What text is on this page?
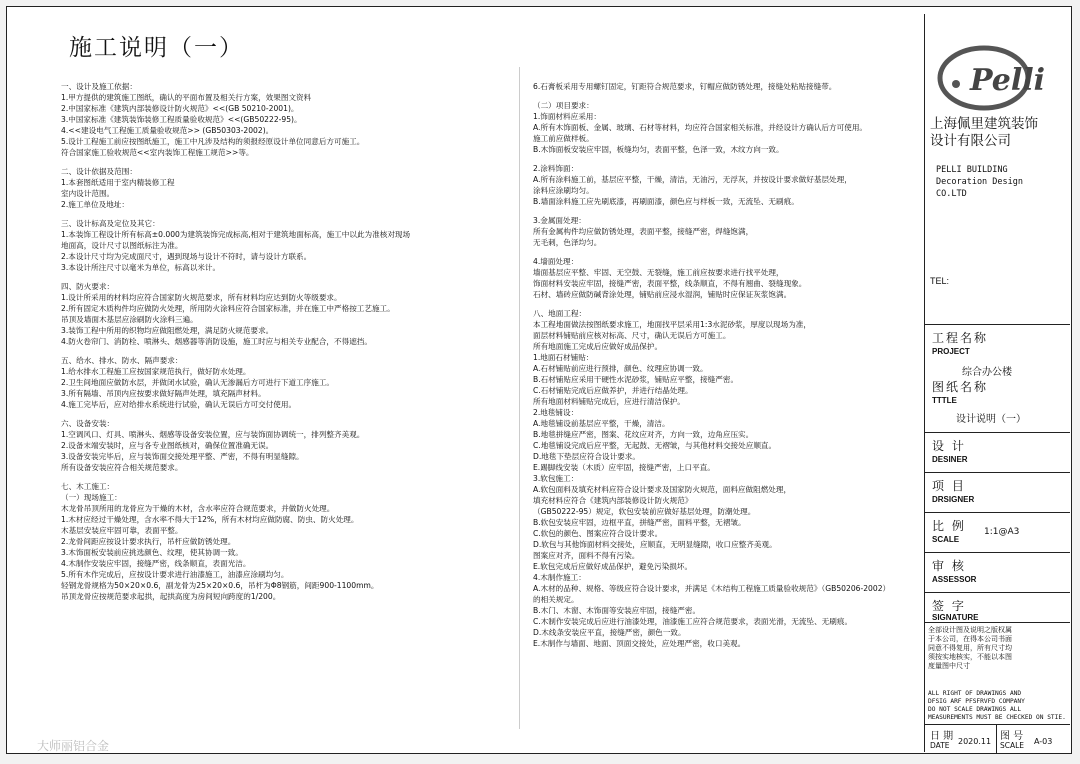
施工说明（一）
一、设计及施工依据：
1.甲方提供的建筑施工图纸，确认的平面布置及相关行方案，效果图文资料
2.中国家标准《建筑内部装修设计防火规范》<<(GB 50210-2001)。
3.中国家标准《建筑装饰装修工程质量验收规范》<<(GB50222-95)。
4.<<建设电气工程施工质量验收规范>> (GB50303-2002)。
5.设计工程施工前应按图纸施工，施工中凡涉及结构的须报经原设计单位同意后方可施工。
符合国家施工验收规范<<室内装饰工程施工规范>>等。
二、设计依据及范围：
1.本套图纸适用于室内精装修工程
室内设计范围。
2.施工单位及地址：
三、设计标高及定位及其它：
1.本装饰工程设计所有标高±0.000为建筑装饰完成标高,相对于建筑地面标高，施工中以此为准核对现场
地面高，设计尺寸以图纸标注为准。
2.本设计尺寸均为完成面尺寸，遇到现场与设计不符时，请与设计方联系。
3.本设计所注尺寸以毫米为单位，标高以米计。
四、防火要求：
1.设计所采用的材料均应符合国家防火规范要求，所有材料均应达到防火等级要求。
2.所有固定木质构件均应做防火处理，所用防火涂料应符合国家标准，并在施工中严格按工艺施工。
吊顶及墙面木基层应涂刷防火涂料三遍。
3.装饰工程中所用的织物均应做阻燃处理，满足防火规范要求。
4.防火卷帘门、消防栓、喷淋头、烟感器等消防设施，施工时应与相关专业配合，不得遮挡。
五、给水、排水、防水、隔声要求：
1.给水排水工程施工应按国家规范执行，做好防水处理。
2.卫生间地面应做防水层，并做闭水试验，确认无渗漏后方可进行下道工序施工。
3.所有隔墙、吊顶内应按要求做好隔声处理，填充隔声材料。
4.施工完毕后，应对给排水系统进行试验，确认无误后方可交付使用。
六、设备安装：
1.空调风口、灯具、喷淋头、烟感等设备安装位置，应与装饰面协调统一，排列整齐美观。
2.设备末端安装时，应与各专业图纸核对，确保位置准确无误。
3.设备安装完毕后，应与装饰面交接处理平整、严密，不得有明显缝隙。
所有设备安装应符合相关规范要求。
七、木工施工：
（一）现场施工：
木龙骨吊顶所用的龙骨应为干燥的木材，含水率应符合规范要求，并做防火处理。
1.木材应经过干燥处理，含水率不得大于12%，所有木材均应做防腐、防虫、防火处理。
木基层安装应牢固可靠，表面平整。
2.龙骨间距应按设计要求执行，吊杆应做防锈处理。
3.木饰面板安装前应挑选颜色、纹理，使其协调一致。
4.木制作安装应牢固，接缝严密，线条顺直，表面光洁。
5.所有木作完成后，应按设计要求进行油漆施工，油漆应涂刷均匀。
轻钢龙骨规格为50×20×0.6，副龙骨为25×20×0.6，吊杆为Φ8钢筋，间距900-1100mm。
吊顶龙骨应按规范要求起拱，起拱高度为房间短向跨度的1/200。
6.石膏板采用专用螺钉固定，钉距符合规范要求，钉帽应做防锈处理，接缝处粘贴接缝带。
（二）项目要求：
1.饰面材料应采用：
A.所有木饰面板、金属、玻璃、石材等材料，均应符合国家相关标准，并经设计方确认后方可使用。
施工前应做样板。
B.木饰面板安装应牢固，板缝均匀，表面平整，色泽一致，木纹方向一致。
2.涂料饰面：
A.所有涂料施工前，基层应平整，干燥，清洁，无油污，无浮灰，并按设计要求做好基层处理，
涂料应涂刷均匀。
B.墙面涂料施工应先刷底漆，再刷面漆，颜色应与样板一致，无流坠、无刷痕。
3.金属面处理：
所有金属构件均应做防锈处理，表面平整，接缝严密，焊缝饱满，
无毛刺，色泽均匀。
4.墙面处理：
墙面基层应平整、牢固、无空鼓、无裂缝，施工前应按要求进行找平处理，
饰面材料安装应牢固，接缝严密，表面平整，线条顺直，不得有翘曲、裂缝现象。
石材、墙砖应做防碱背涂处理，铺贴前应浸水湿润，铺贴时应保证灰浆饱满。
八、地面工程：
本工程地面做法按图纸要求施工，地面找平层采用1:3水泥砂浆，厚度以现场为准，
面层材料铺贴前应核对标高、尺寸，确认无误后方可施工。
所有地面施工完成后应做好成品保护。
1.地面石材铺贴：
A.石材铺贴前应进行预排，颜色、纹理应协调一致。
B.石材铺贴应采用干硬性水泥砂浆，铺贴应平整，接缝严密。
C.石材铺贴完成后应做养护，并进行结晶处理。
所有地面材料铺贴完成后，应进行清洁保护。
2.地毯铺设：
A.地毯铺设前基层应平整，干燥，清洁。
B.地毯拼缝应严密，图案、花纹应对齐，方向一致，边角应压实。
C.地毯铺设完成后应平整，无起鼓、无褶皱，与其他材料交接处应顺直。
D.地毯下垫层应符合设计要求。
E.踢脚线安装（木质）应牢固，接缝严密，上口平直。
3.软包施工：
A.软包面料及填充材料应符合设计要求及国家防火规范，面料应做阻燃处理，
填充材料应符合《建筑内部装修设计防火规范》
（GB50222-95）规定，软包安装前应做好基层处理，防潮处理。
B.软包安装应牢固，边框平直，拼缝严密，面料平整，无褶皱。
C.软包的颜色、图案应符合设计要求。
D.软包与其他饰面材料交接处，应顺直，无明显缝隙，收口应整齐美观。
图案应对齐，面料不得有污染。
E.软包完成后应做好成品保护，避免污染损坏。
4.木制作施工：
A.木材的品种、规格、等级应符合设计要求，并满足《木结构工程施工质量验收规范》（GB50206-2002）
的相关规定。
B.木门、木窗、木饰面等安装应牢固，接缝严密。
C.木制作安装完成后应进行油漆处理，油漆施工应符合规范要求，表面光滑，无流坠、无刷痕。
D.木线条安装应平直，接缝严密，颜色一致。
E.木制作与墙面、地面、顶面交接处，应处理严密，收口美观。
大师丽铝合金
Pelli
上海佩里建筑装饰
设计有限公司
PELLI BUILDING
Decoration Design
CO.LTD
TEL:
工程名称
PROJECT
综合办公楼
图纸名称
TTTLE
设计说明（一）
设 计
DESINER
项 目
DRSIGNER
比 例
SCALE
1:1@A3
审 核
ASSESSOR
签 字
SIGNATURE
全部设计图及说明之版权属
于本公司，在得本公司书面
同意不得复用，所有尺寸均
须按实地核实，不能以本图
度量图中尺寸
ALL RIGHT OF DRAWINGS AND
DFSIG ARF PFSFRVFD COMPANY
DO NOT SCALE DRAWINGS ALL
MEASUREMENTS MUST BE CHECKED ON STIE.
日 期
DATE 2020.11 图 号
SCALE A-03
